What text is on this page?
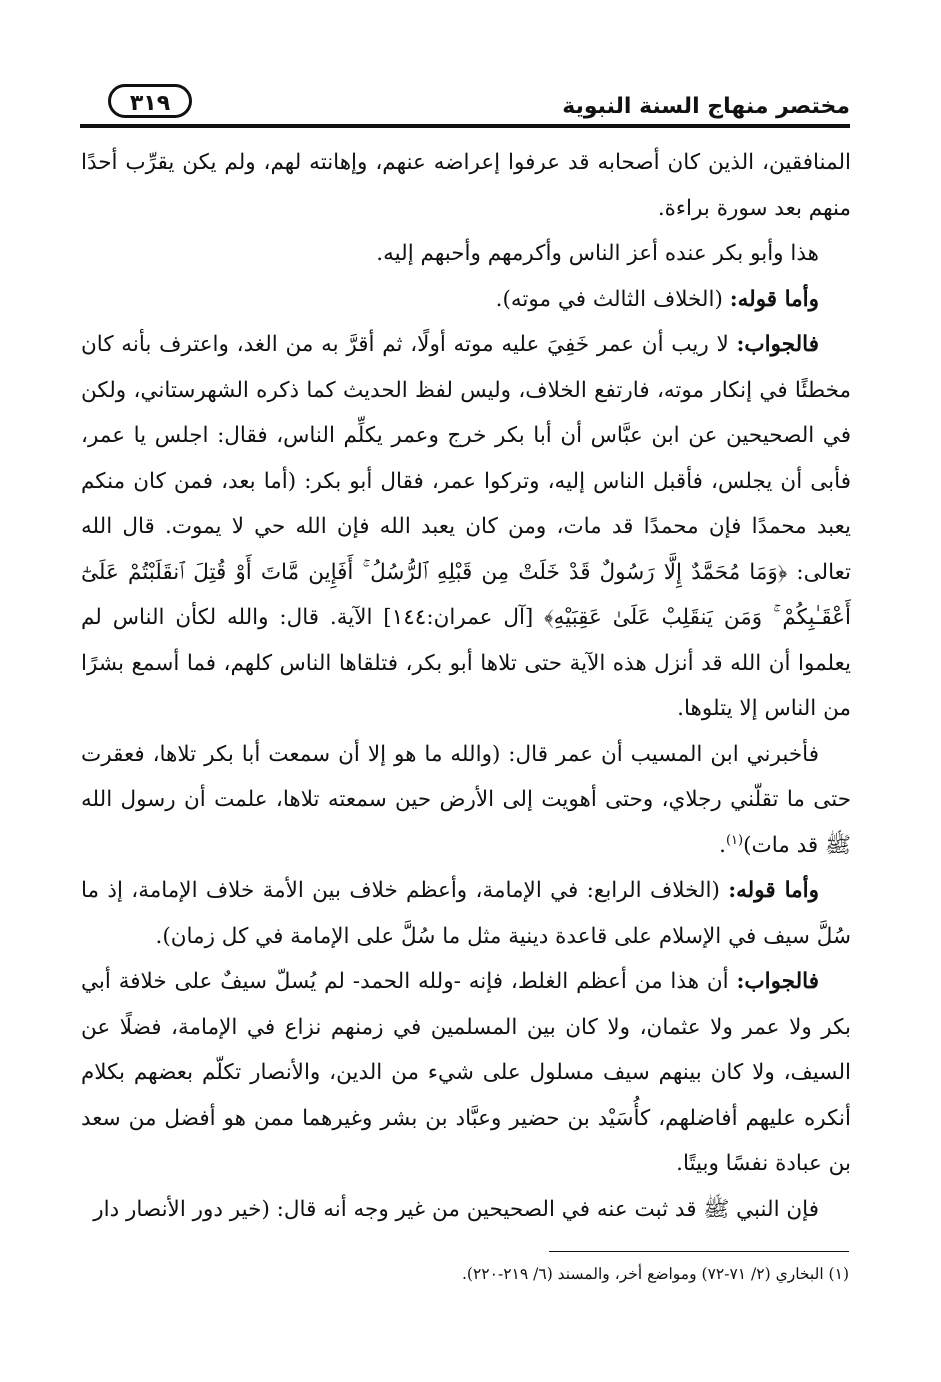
مختصر منهاج السنة النبوية
٣١٩

المنافقين، الذين كان أصحابه قد عرفوا إعراضه عنهم، وإهانته لهم، ولم يكن يقرِّب أحدًا منهم بعد سورة براءة.

هذا وأبو بكر عنده أعز الناس وأكرمهم وأحبهم إليه.

وأما قوله: (الخلاف الثالث في موته).

فالجواب: لا ريب أن عمر خَفِيَ عليه موته أولًا، ثم أقرَّ به من الغد، واعترف بأنه كان مخطئًا في إنكار موته، فارتفع الخلاف، وليس لفظ الحديث كما ذكره الشهرستاني، ولكن في الصحيحين عن ابن عبَّاس أن أبا بكر خرج وعمر يكلِّم الناس، فقال: اجلس يا عمر، فأبى أن يجلس، فأقبل الناس إليه، وتركوا عمر، فقال أبو بكر: (أما بعد، فمن كان منكم يعبد محمدًا فإن محمدًا قد مات، ومن كان يعبد الله فإن الله حي لا يموت. قال الله تعالى: ﴿وَمَا مُحَمَّدٌ إِلَّا رَسُولٌ قَدْ خَلَتْ مِن قَبْلِهِ ٱلرُّسُلُ ۚ أَفَإِين مَّاتَ أَوْ قُتِلَ ٱنقَلَبْتُمْ عَلَىٰٓ أَعْقَـٰبِكُمْ ۚ وَمَن يَنقَلِبْ عَلَىٰ عَقِبَيْهِ﴾ [آل عمران:١٤٤] الآية. قال: والله لكأن الناس لم يعلموا أن الله قد أنزل هذه الآية حتى تلاها أبو بكر، فتلقاها الناس كلهم، فما أسمع بشرًا من الناس إلا يتلوها.

فأخبرني ابن المسيب أن عمر قال: (والله ما هو إلا أن سمعت أبا بكر تلاها، فعقرت حتى ما تقلّني رجلاي، وحتى أهويت إلى الأرض حين سمعته تلاها، علمت أن رسول الله ﷺ قد مات)$^{(١)}$.

وأما قوله: (الخلاف الرابع: في الإمامة، وأعظم خلاف بين الأمة خلاف الإمامة، إذ ما سُلَّ سيف في الإسلام على قاعدة دينية مثل ما سُلَّ على الإمامة في كل زمان).

فالجواب: أن هذا من أعظم الغلط، فإنه -ولله الحمد- لم يُسلّ سيفٌ على خلافة أبي بكر ولا عمر ولا عثمان، ولا كان بين المسلمين في زمنهم نزاع في الإمامة، فضلًا عن السيف، ولا كان بينهم سيف مسلول على شيء من الدين، والأنصار تكلّم بعضهم بكلام أنكره عليهم أفاضلهم، كأُسَيْد بن حضير وعبَّاد بن بشر وغيرهما ممن هو أفضل من سعد بن عبادة نفسًا وبيتًا.

فإن النبي ﷺ قد ثبت عنه في الصحيحين من غير وجه أنه قال: (خير دور الأنصار دار

(١) البخاري (٢/ ٧١-٧٢) ومواضع أخر، والمسند (٦/ ٢١٩-٢٢٠).
